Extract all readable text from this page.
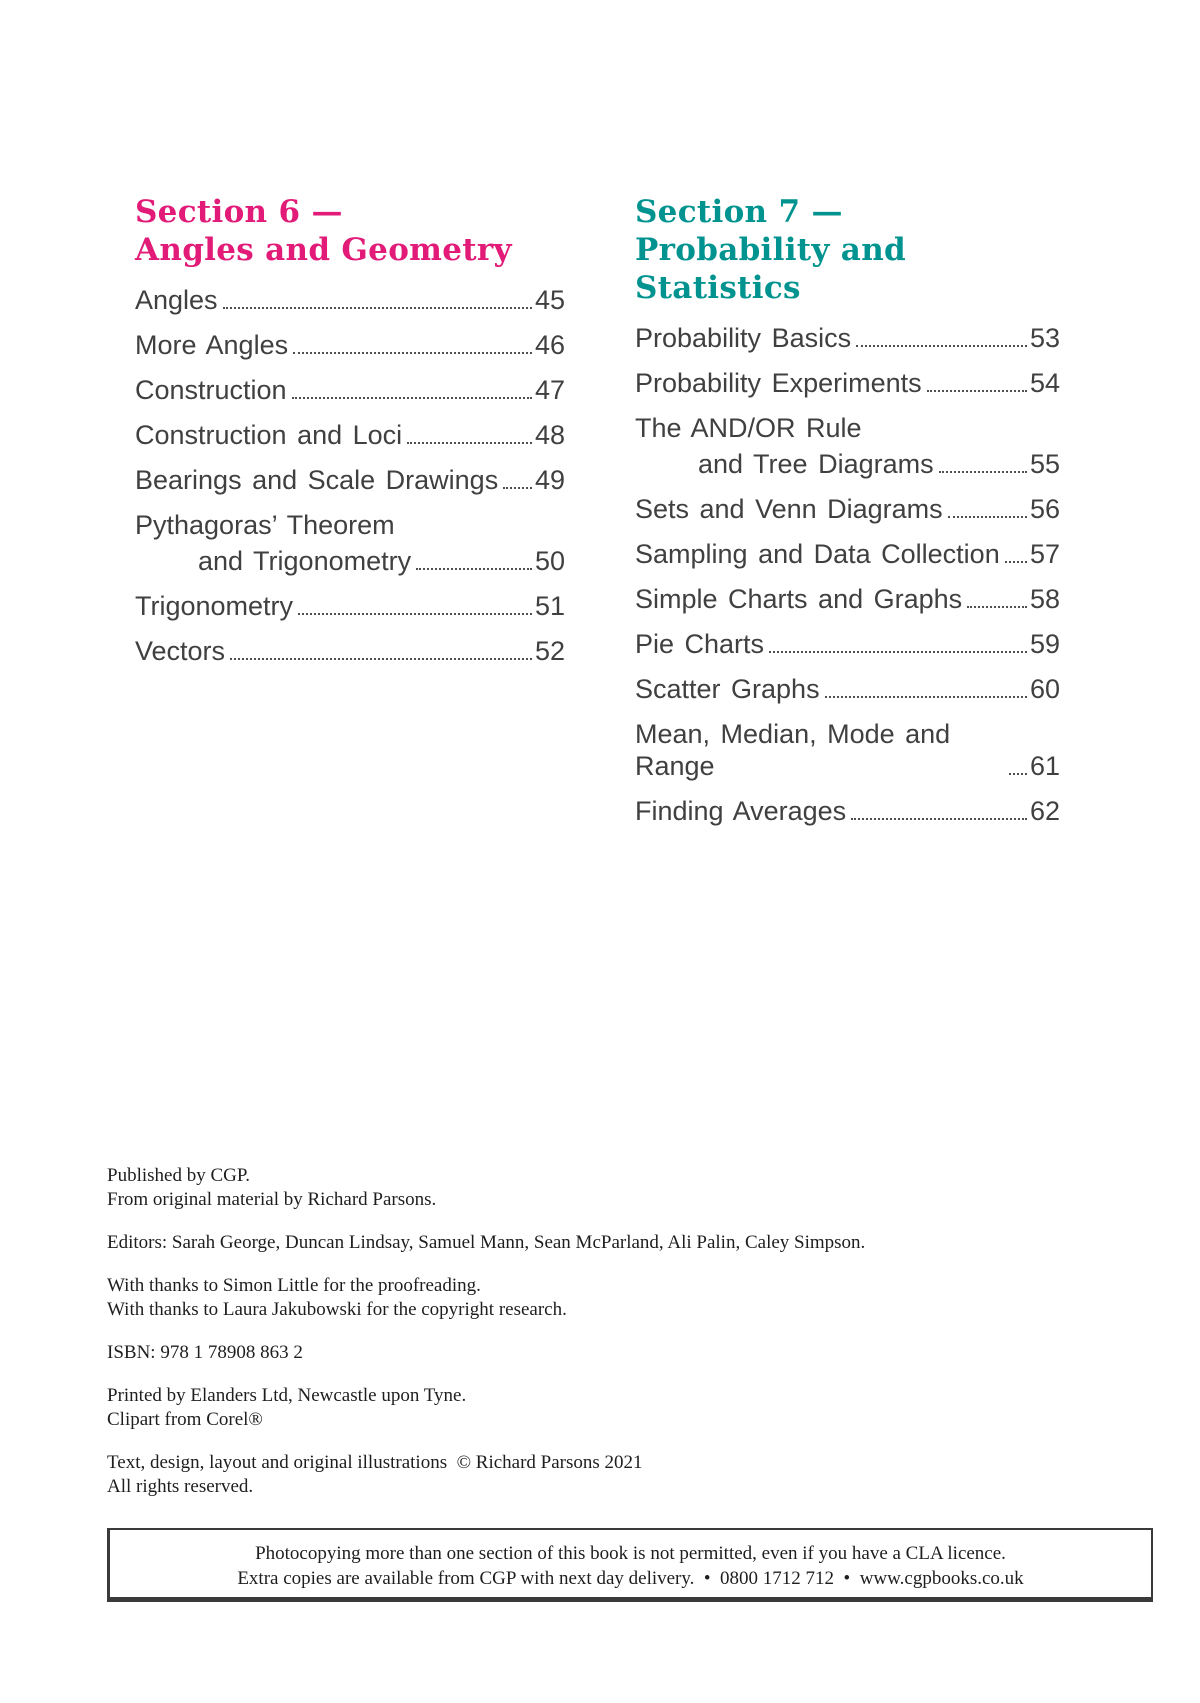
Section 6 —
Angles and Geometry
Angles	45
More Angles	46
Construction	47
Construction and Loci	48
Bearings and Scale Drawings 49
Pythagoras’ Theorem
and Trigonometry	50
Trigonometry	51
Vectors	52
Section 7 —
Probability and Statistics
Probability Basics	53
Probability Experiments	54
The AND/OR Rule
and Tree Diagrams	55
Sets and Venn Diagrams	56
Sampling and Data Collection 57
Simple Charts and Graphs	58
Pie Charts	59
Scatter Graphs	60
Mean, Median, Mode and Range	61
Finding Averages	62
Published by CGP.
From original material by Richard Parsons.
Editors: Sarah George, Duncan Lindsay, Samuel Mann, Sean McParland, Ali Palin, Caley Simpson.
With thanks to Simon Little for the proofreading.
With thanks to Laura Jakubowski for the copyright research.
ISBN: 978 1 78908 863 2
Printed by Elanders Ltd, Newcastle upon Tyne.
Clipart from Corel®
Text, design, layout and original illustrations  © Richard Parsons 2021
All rights reserved.
Photocopying more than one section of this book is not permitted, even if you have a CLA licence.
Extra copies are available from CGP with next day delivery.  •  0800 1712 712  •  www.cgpbooks.co.uk
